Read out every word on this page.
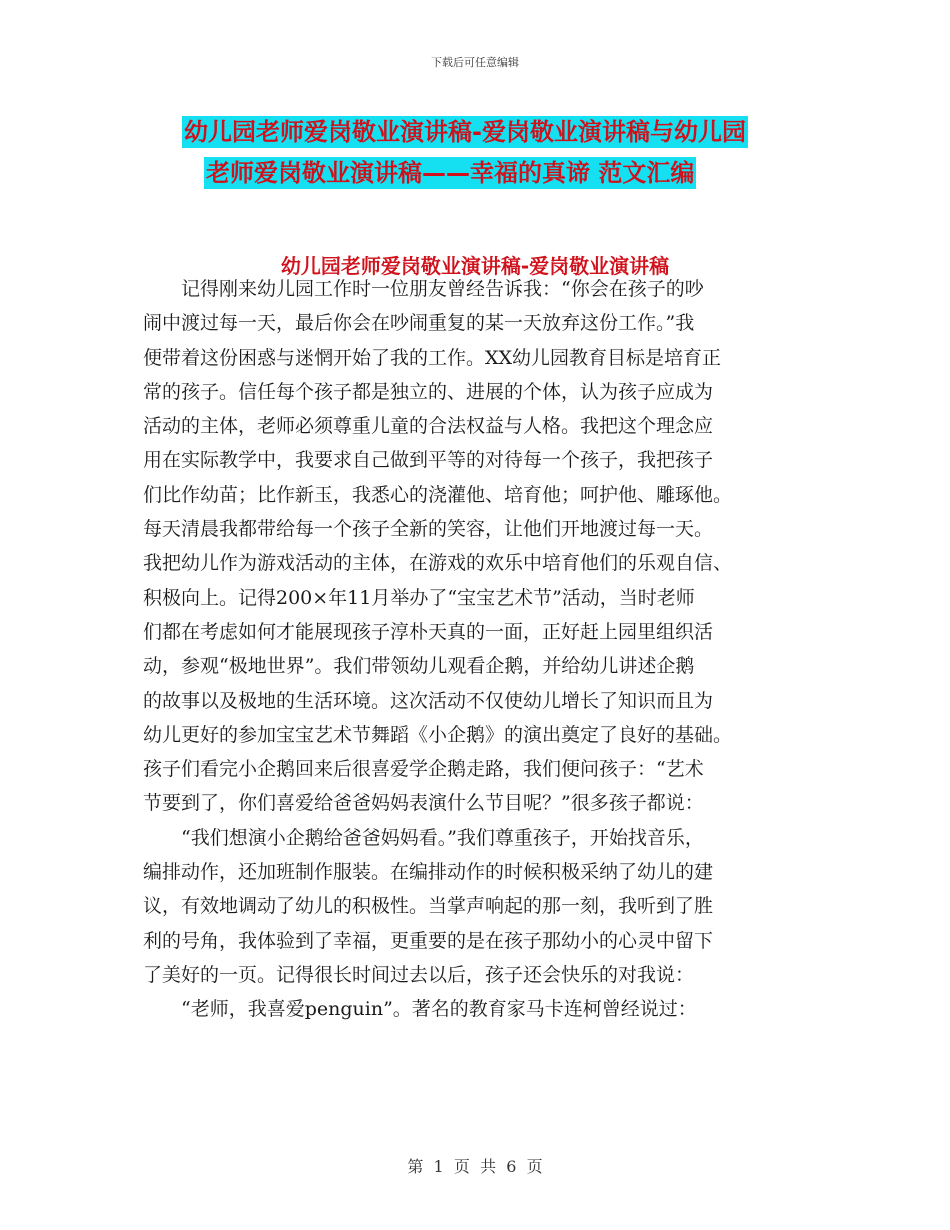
下载后可任意编辑
幼儿园老师爱岗敬业演讲稿-爱岗敬业演讲稿与幼儿园
老师爱岗敬业演讲稿——幸福的真谛 范文汇编
幼儿园老师爱岗敬业演讲稿-爱岗敬业演讲稿
　　记得刚来幼儿园工作时一位朋友曾经告诉我：“你会在孩子的吵
闹中渡过每一天，最后你会在吵闹重复的某一天放弃这份工作。”我
便带着这份困惑与迷惘开始了我的工作。XX幼儿园教育目标是培育正
常的孩子。信任每个孩子都是独立的、进展的个体，认为孩子应成为
活动的主体，老师必须尊重儿童的合法权益与人格。我把这个理念应
用在实际教学中，我要求自己做到平等的对待每一个孩子，我把孩子
们比作幼苗；比作新玉，我悉心的浇灌他、培育他；呵护他、雕琢他。
每天清晨我都带给每一个孩子全新的笑容，让他们开地渡过每一天。
我把幼儿作为游戏活动的主体，在游戏的欢乐中培育他们的乐观自信、
积极向上。记得200×年11月举办了“宝宝艺术节”活动，当时老师
们都在考虑如何才能展现孩子淳朴天真的一面，正好赶上园里组织活
动，参观“极地世界”。我们带领幼儿观看企鹅，并给幼儿讲述企鹅
的故事以及极地的生活环境。这次活动不仅使幼儿增长了知识而且为
幼儿更好的参加宝宝艺术节舞蹈《小企鹅》的演出奠定了良好的基础。
孩子们看完小企鹅回来后很喜爱学企鹅走路，我们便问孩子：“艺术
节要到了，你们喜爱给爸爸妈妈表演什么节目呢？”很多孩子都说：
　　“我们想演小企鹅给爸爸妈妈看。”我们尊重孩子，开始找音乐，
编排动作，还加班制作服装。在编排动作的时候积极采纳了幼儿的建
议，有效地调动了幼儿的积极性。当掌声响起的那一刻，我听到了胜
利的号角，我体验到了幸福，更重要的是在孩子那幼小的心灵中留下
了美好的一页。记得很长时间过去以后，孩子还会快乐的对我说：
　　“老师，我喜爱penguin”。著名的教育家马卡连柯曾经说过：
第  1  页  共  6  页
